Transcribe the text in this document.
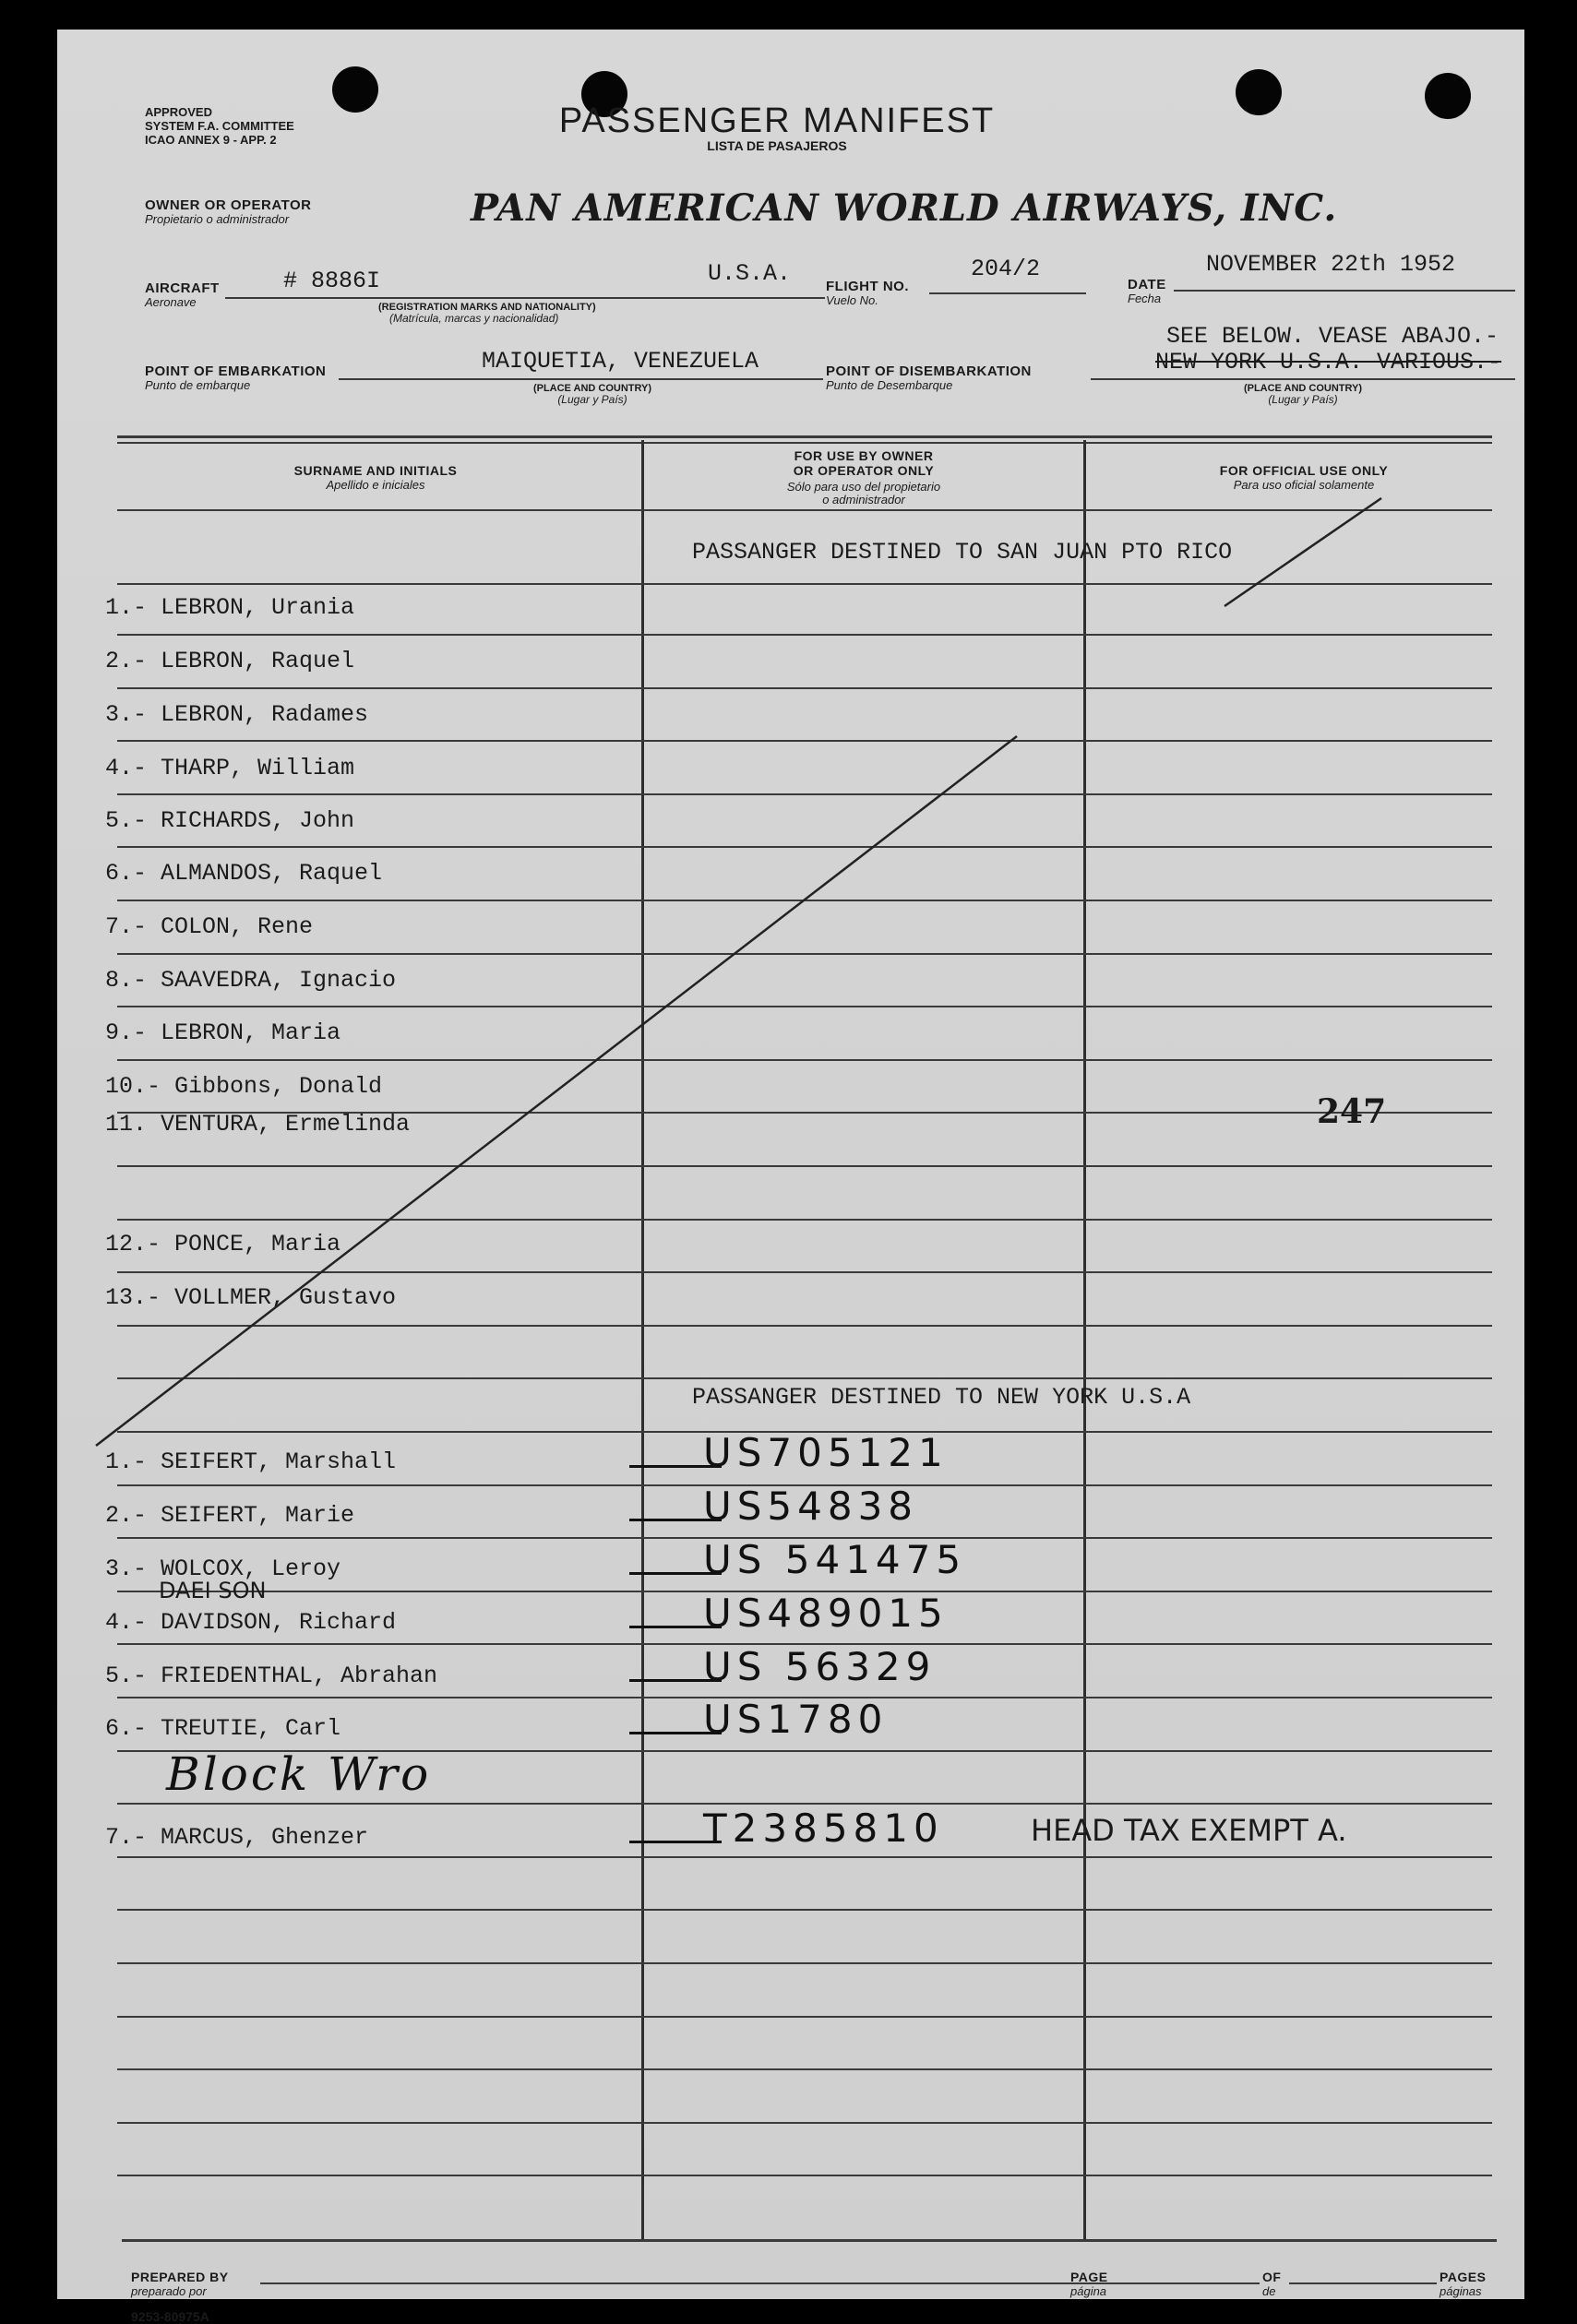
APPROVED
SYSTEM F.A. COMMITTEE
ICAO ANNEX 9 - APP. 2	PASSENGER MANIFEST
LISTA DE PASAJEROS
OWNER OR OPERATOR
Propietario o administrador	PAN AMERICAN WORLD AIRWAYS, INC.
AIRCRAFT
Aeronave
# 8886I	U.S.A.
(REGISTRATION MARKS AND NATIONALITY)
(Matrícula, marcas y nacionalidad)
FLIGHT NO.
Vuelo No.
204/2
DATE
Fecha
NOVEMBER 22th 1952
POINT OF EMBARKATION
Punto de embarque
MAIQUETIA, VENEZUELA
(PLACE AND COUNTRY)
(Lugar y País)
POINT OF DISEMBARKATION
Punto de Desembarque
SEE BELOW. VEASE ABAJO.-
NEW YORK U.S.A. VARIOUS.-
(PLACE AND COUNTRY)
(Lugar y País)
SURNAME AND INITIALS
Apellido e iniciales
FOR USE BY OWNER
OR OPERATOR ONLY
Sólo para uso del propietario
o administrador
FOR OFFICIAL USE ONLY
Para uso oficial solamente
PASSANGER DESTINED TO SAN JUAN PTO RICO
1.- LEBRON, Urania
2.- LEBRON, Raquel
3.- LEBRON, Radames
4.- THARP, William
5.- RICHARDS, John
6.- ALMANDOS, Raquel
7.- COLON, Rene
8.- SAAVEDRA, Ignacio
9.- LEBRON, Maria
10.- Gibbons, Donald
11. VENTURA, Ermelinda
12.- PONCE, Maria
13.- VOLLMER, Gustavo
247
PASSANGER DESTINED TO NEW YORK U.S.A
1.- SEIFERT, Marshall	US705121
2.- SEIFERT, Marie	US54838
3.- WOLCOX, Leroy	US 541475
4.- DAVIDSON, Richard	US489015
DAEI SON
5.- FRIEDENTHAL, Abrahan	US 56329
6.- TREUTIE, Carl	US1780
7.- MARCUS, Ghenzer	T2385810	HEAD TAX EXEMPT A.
Block Wro
PREPARED BY
preparado por
9253-80975A
PAGE
página
OF
de
PAGES
páginas
